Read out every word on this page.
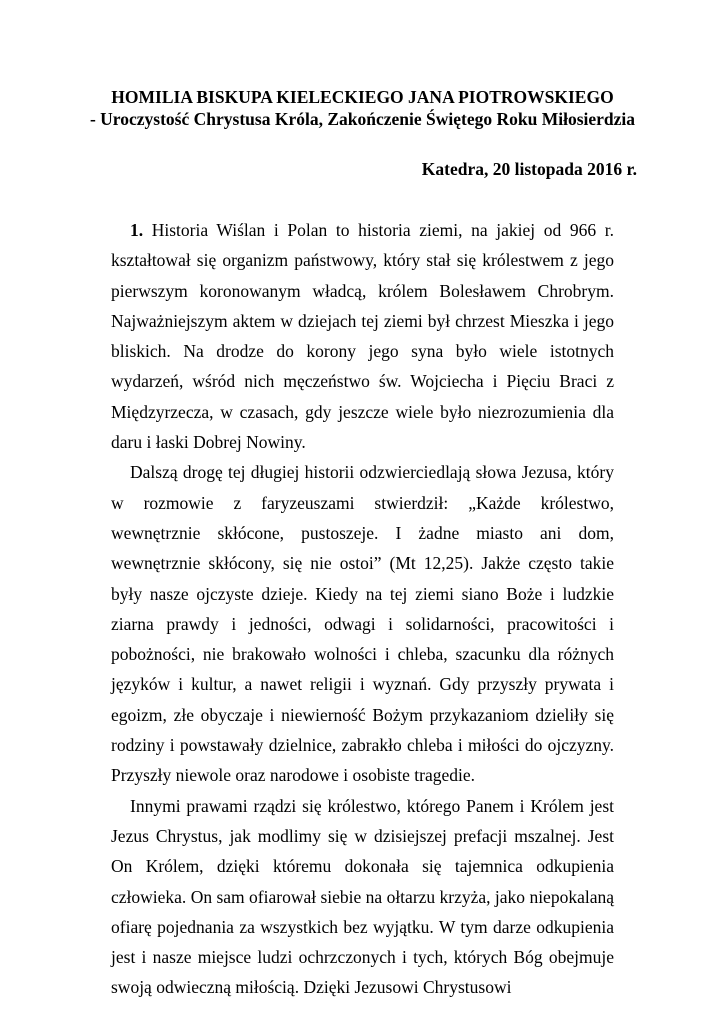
HOMILIA BISKUPA KIELECKIEGO JANA PIOTROWSKIEGO
- Uroczystość Chrystusa Króla, Zakończenie Świętego Roku Miłosierdzia
Katedra, 20 listopada 2016 r.

1. Historia Wiślan i Polan to historia ziemi, na jakiej od 966 r. kształtował się organizm państwowy, który stał się królestwem z jego pierwszym koronowanym władcą, królem Bolesławem Chrobrym. Najważniejszym aktem w dziejach tej ziemi był chrzest Mieszka i jego bliskich. Na drodze do korony jego syna było wiele istotnych wydarzeń, wśród nich męczeństwo św. Wojciecha i Pięciu Braci z Międzyrzecza, w czasach, gdy jeszcze wiele było niezrozumienia dla daru i łaski Dobrej Nowiny.

Dalszą drogę tej długiej historii odzwierciedlają słowa Jezusa, który w rozmowie z faryzeuszami stwierdził: „Każde królestwo, wewnętrznie skłócone, pustoszeje. I żadne miasto ani dom, wewnętrznie skłócony, się nie ostoi” (Mt 12,25). Jakże często takie były nasze ojczyste dzieje. Kiedy na tej ziemi siano Boże i ludzkie ziarna prawdy i jedności, odwagi i solidarności, pracowitości i pobożności, nie brakowało wolności i chleba, szacunku dla różnych języków i kultur, a nawet religii i wyznań. Gdy przyszły prywata i egoizm, złe obyczaje i niewierność Bożym przykazaniom dzieliły się rodziny i powstawały dzielnice, zabrakło chleba i miłości do ojczyzny. Przyszły niewole oraz narodowe i osobiste tragedie.

Innymi prawami rządzi się królestwo, którego Panem i Królem jest Jezus Chrystus, jak modlimy się w dzisiejszej prefacji mszalnej. Jest On Królem, dzięki któremu dokonała się tajemnica odkupienia człowieka. On sam ofiarował siebie na ołtarzu krzyża, jako niepokalaną ofiarę pojednania za wszystkich bez wyjątku. W tym darze odkupienia jest i nasze miejsce ludzi ochrzczonych i tych, których Bóg obejmuje swoją odwieczną miłością. Dzięki Jezusowi Chrystusowi
